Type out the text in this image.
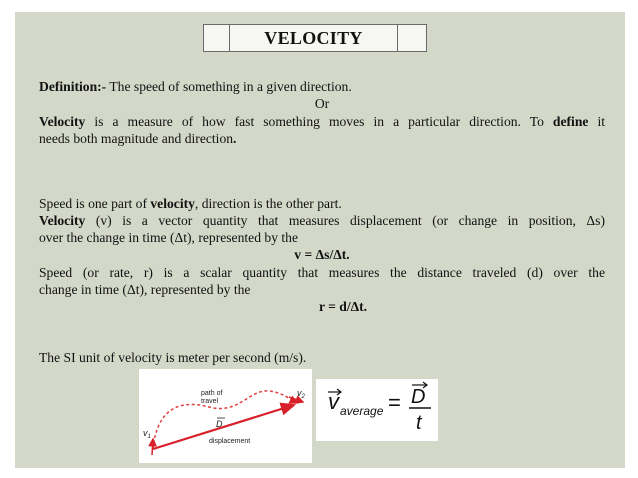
VELOCITY
Definition:- The speed of something in a given direction.
Or
Velocity is a measure of how fast something moves in a particular direction. To define it
needs both magnitude and direction.
Speed is one part of velocity, direction is the other part.
Velocity (v) is a vector quantity that measures displacement (or change in position, Δs)
over the change in time (Δt), represented by the
v = Δs/Δt.
Speed (or rate, r) is a scalar quantity that measures the distance traveled (d) over the
change in time (Δt), represented by the
r = d/Δt.
The SI unit of velocity is meter per second (m/s).
path of
travel
$v_1$
$v_2$
D
displacement
v average = D
t
